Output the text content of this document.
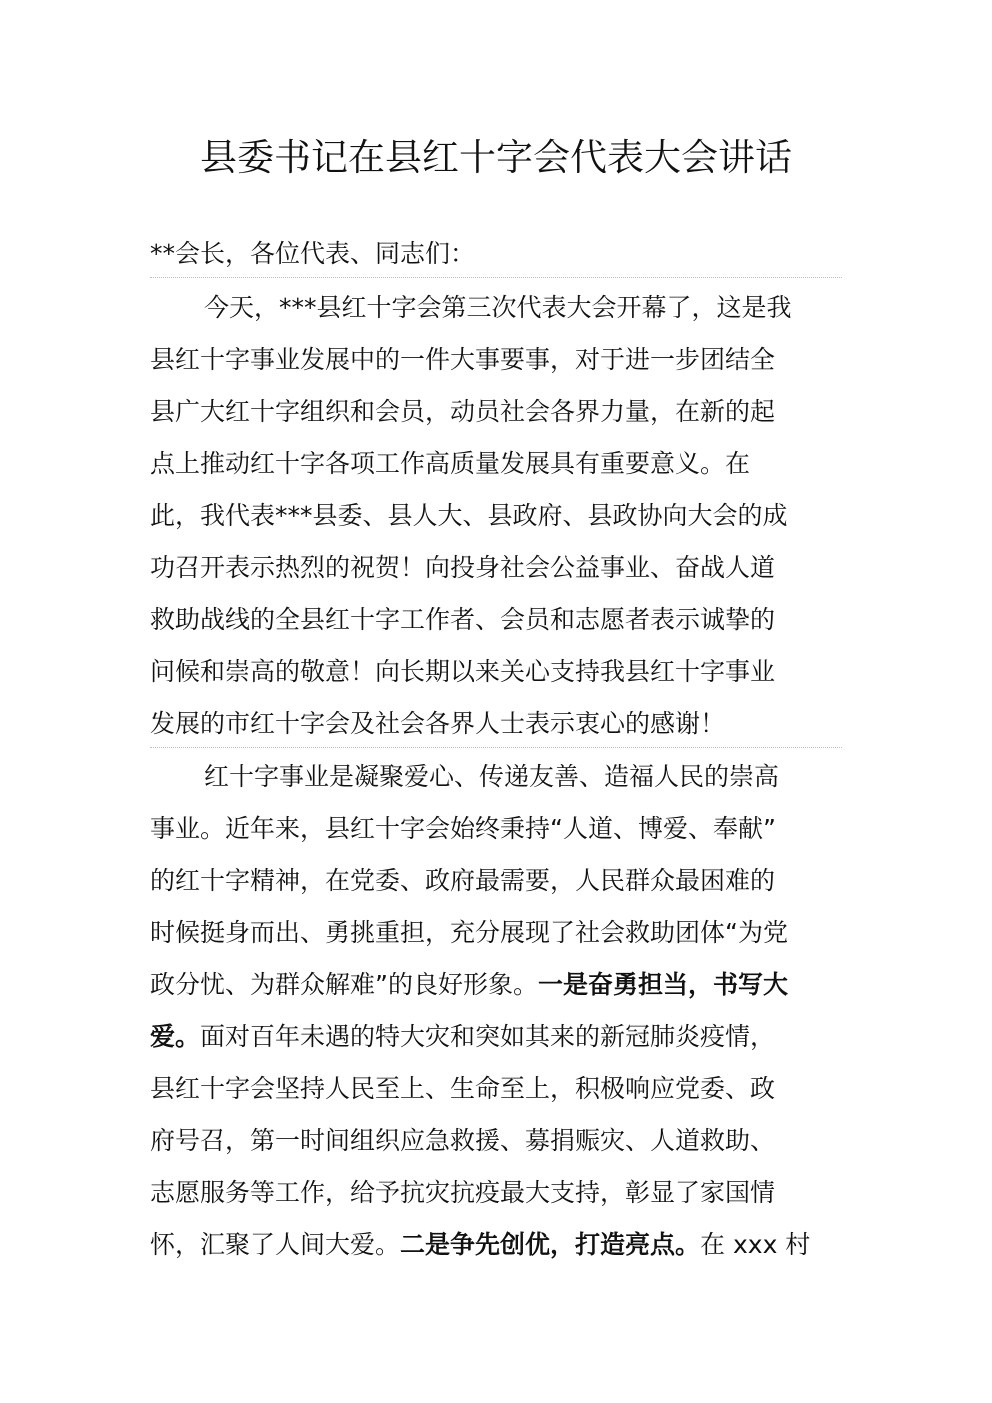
县委书记在县红十字会代表大会讲话
**会长，各位代表、同志们：
今天，***县红十字会第三次代表大会开幕了，这是我
县红十字事业发展中的一件大事要事，对于进一步团结全
县广大红十字组织和会员，动员社会各界力量，在新的起
点上推动红十字各项工作高质量发展具有重要意义。在
此，我代表***县委、县人大、县政府、县政协向大会的成
功召开表示热烈的祝贺！向投身社会公益事业、奋战人道
救助战线的全县红十字工作者、会员和志愿者表示诚挚的
问候和崇高的敬意！向长期以来关心支持我县红十字事业
发展的市红十字会及社会各界人士表示衷心的感谢！
红十字事业是凝聚爱心、传递友善、造福人民的崇高
事业。近年来，县红十字会始终秉持“人道、博爱、奉献”
的红十字精神，在党委、政府最需要，人民群众最困难的
时候挺身而出、勇挑重担，充分展现了社会救助团体“为党
政分忧、为群众解难”的良好形象。一是奋勇担当，书写大
爱。面对百年未遇的特大灾和突如其来的新冠肺炎疫情，
县红十字会坚持人民至上、生命至上，积极响应党委、政
府号召，第一时间组织应急救援、募捐赈灾、人道救助、
志愿服务等工作，给予抗灾抗疫最大支持，彰显了家国情
怀，汇聚了人间大爱。二是争先创优，打造亮点。在 xxx 村
